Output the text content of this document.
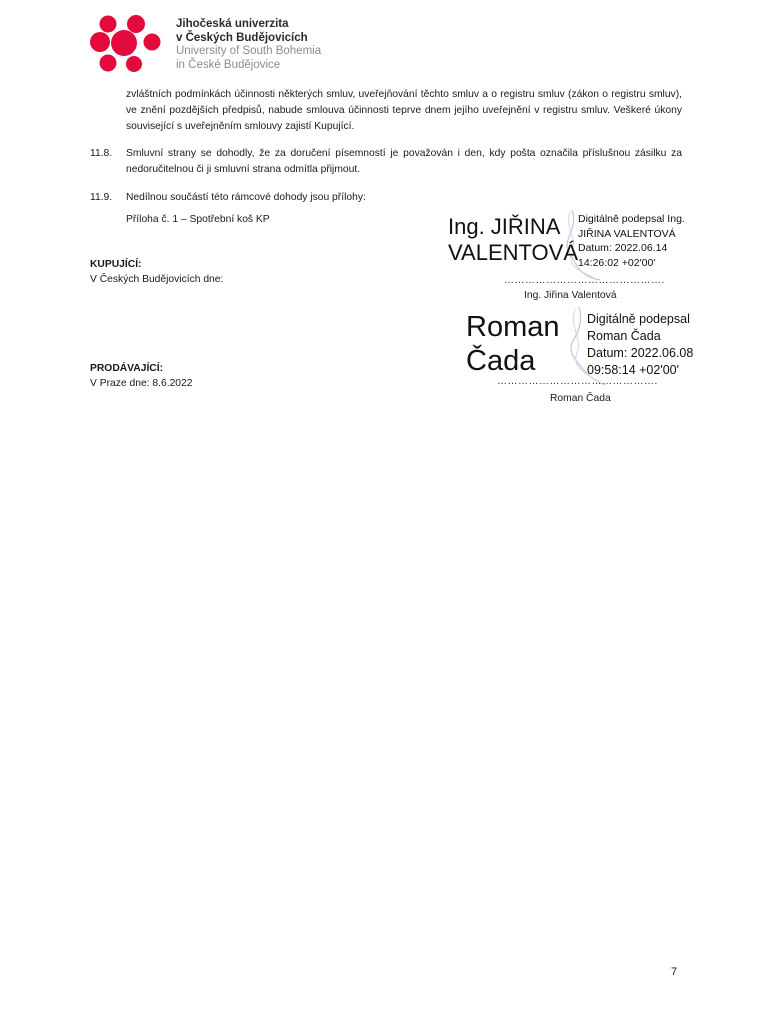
Jihočeská univerzita
v Českých Budějovicích
University of South Bohemia
in České Budějovice
zvláštních podmínkách účinnosti některých smluv, uveřejňování těchto smluv a o registru smluv (zákon o registru smluv), ve znění pozdějších předpisů, nabude smlouva účinnosti teprve dnem jejího uveřejnění v registru smluv. Veškeré úkony související s uveřejněním smlouvy zajistí Kupující.
11.8.	Smluvní strany se dohodly, že za doručení písemností je považován i den, kdy pošta označila příslušnou zásilku za nedoručitelnou či ji smluvní strana odmítla přijmout.
11.9.	Nedílnou součástí této rámcové dohody jsou přílohy:
Příloha č. 1 – Spotřební koš KP
KUPUJÍCÍ:
V Českých Budějovicích dne:
PRODÁVAJÍCÍ:
V Praze dne: 8.6.2022
Ing. JIŘINA
VALENTOVÁ
Digitálně podepsal Ing.
JIŘINA VALENTOVÁ
Datum: 2022.06.14
14:26:02 +02'00'
……………………………………….
Ing. Jiřina Valentová
Roman
Čada
Digitálně podepsal
Roman Čada
Datum: 2022.06.08
09:58:14 +02'00'
……………………………………….
Roman Čada
7
